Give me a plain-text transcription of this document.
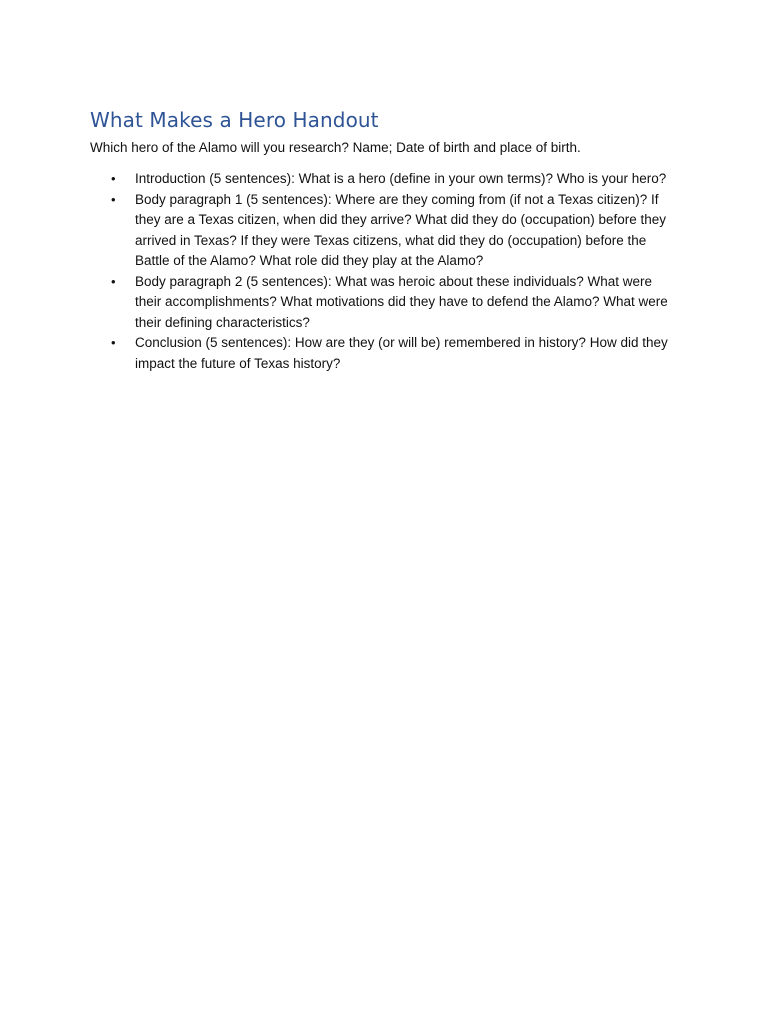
What Makes a Hero Handout

Which hero of the Alamo will you research? Name; Date of birth and place of birth.

• Introduction (5 sentences): What is a hero (define in your own terms)? Who is your hero?
• Body paragraph 1 (5 sentences): Where are they coming from (if not a Texas citizen)? If they are a Texas citizen, when did they arrive? What did they do (occupation) before they arrived in Texas? If they were Texas citizens, what did they do (occupation) before the Battle of the Alamo? What role did they play at the Alamo?
• Body paragraph 2 (5 sentences): What was heroic about these individuals? What were their accomplishments? What motivations did they have to defend the Alamo? What were their defining characteristics?
• Conclusion (5 sentences): How are they (or will be) remembered in history? How did they impact the future of Texas history?
